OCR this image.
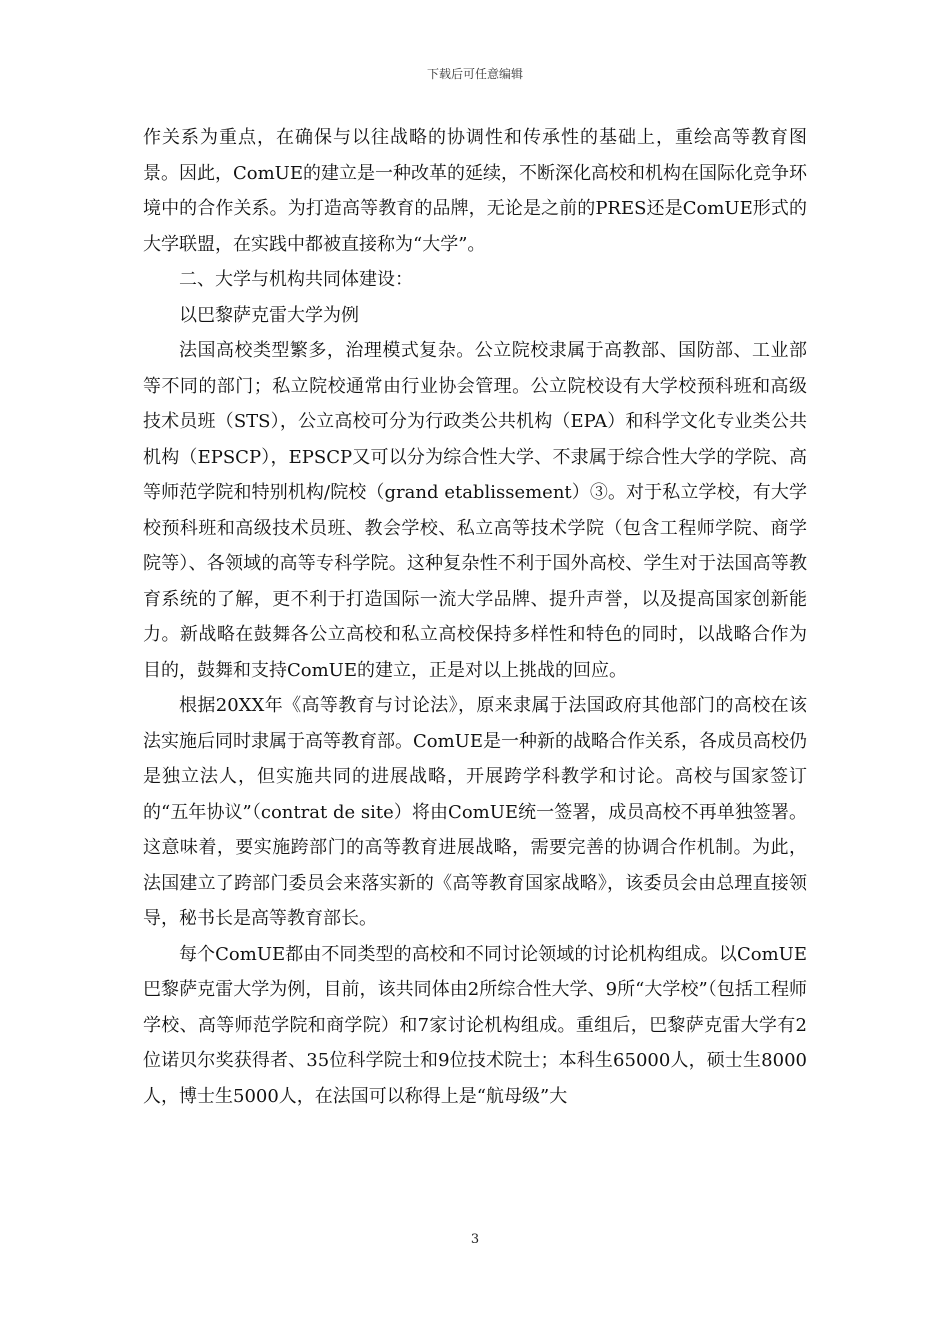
下载后可任意编辑

作关系为重点，在确保与以往战略的协调性和传承性的基础上，重绘高等教育图景。因此，ComUE的建立是一种改革的延续，不断深化高校和机构在国际化竞争环境中的合作关系。为打造高等教育的品牌，无论是之前的PRES还是ComUE形式的大学联盟，在实践中都被直接称为“大学”。

二、大学与机构共同体建设：

以巴黎萨克雷大学为例

法国高校类型繁多，治理模式复杂。公立院校隶属于高教部、国防部、工业部等不同的部门；私立院校通常由行业协会管理。公立院校设有大学校预科班和高级技术员班（STS），公立高校可分为行政类公共机构（EPA）和科学文化专业类公共机构（EPSCP），EPSCP又可以分为综合性大学、不隶属于综合性大学的学院、高等师范学院和特别机构/院校（grand etablissement）③。对于私立学校，有大学校预科班和高级技术员班、教会学校、私立高等技术学院（包含工程师学院、商学院等）、各领域的高等专科学院。这种复杂性不利于国外高校、学生对于法国高等教育系统的了解，更不利于打造国际一流大学品牌、提升声誉，以及提高国家创新能力。新战略在鼓舞各公立高校和私立高校保持多样性和特色的同时，以战略合作为目的，鼓舞和支持ComUE的建立，正是对以上挑战的回应。

根据20XX年《高等教育与讨论法》，原来隶属于法国政府其他部门的高校在该法实施后同时隶属于高等教育部。ComUE是一种新的战略合作关系，各成员高校仍是独立法人，但实施共同的进展战略，开展跨学科教学和讨论。高校与国家签订的“五年协议”（contrat de site）将由ComUE统一签署，成员高校不再单独签署。这意味着，要实施跨部门的高等教育进展战略，需要完善的协调合作机制。为此，法国建立了跨部门委员会来落实新的《高等教育国家战略》，该委员会由总理直接领导，秘书长是高等教育部长。

每个ComUE都由不同类型的高校和不同讨论领域的讨论机构组成。以ComUE巴黎萨克雷大学为例，目前，该共同体由2所综合性大学、9所“大学校”（包括工程师学校、高等师范学院和商学院）和7家讨论机构组成。重组后，巴黎萨克雷大学有2位诺贝尔奖获得者、35位科学院士和9位技术院士；本科生65000人，硕士生8000人，博士生5000人，在法国可以称得上是“航母级”大

3
